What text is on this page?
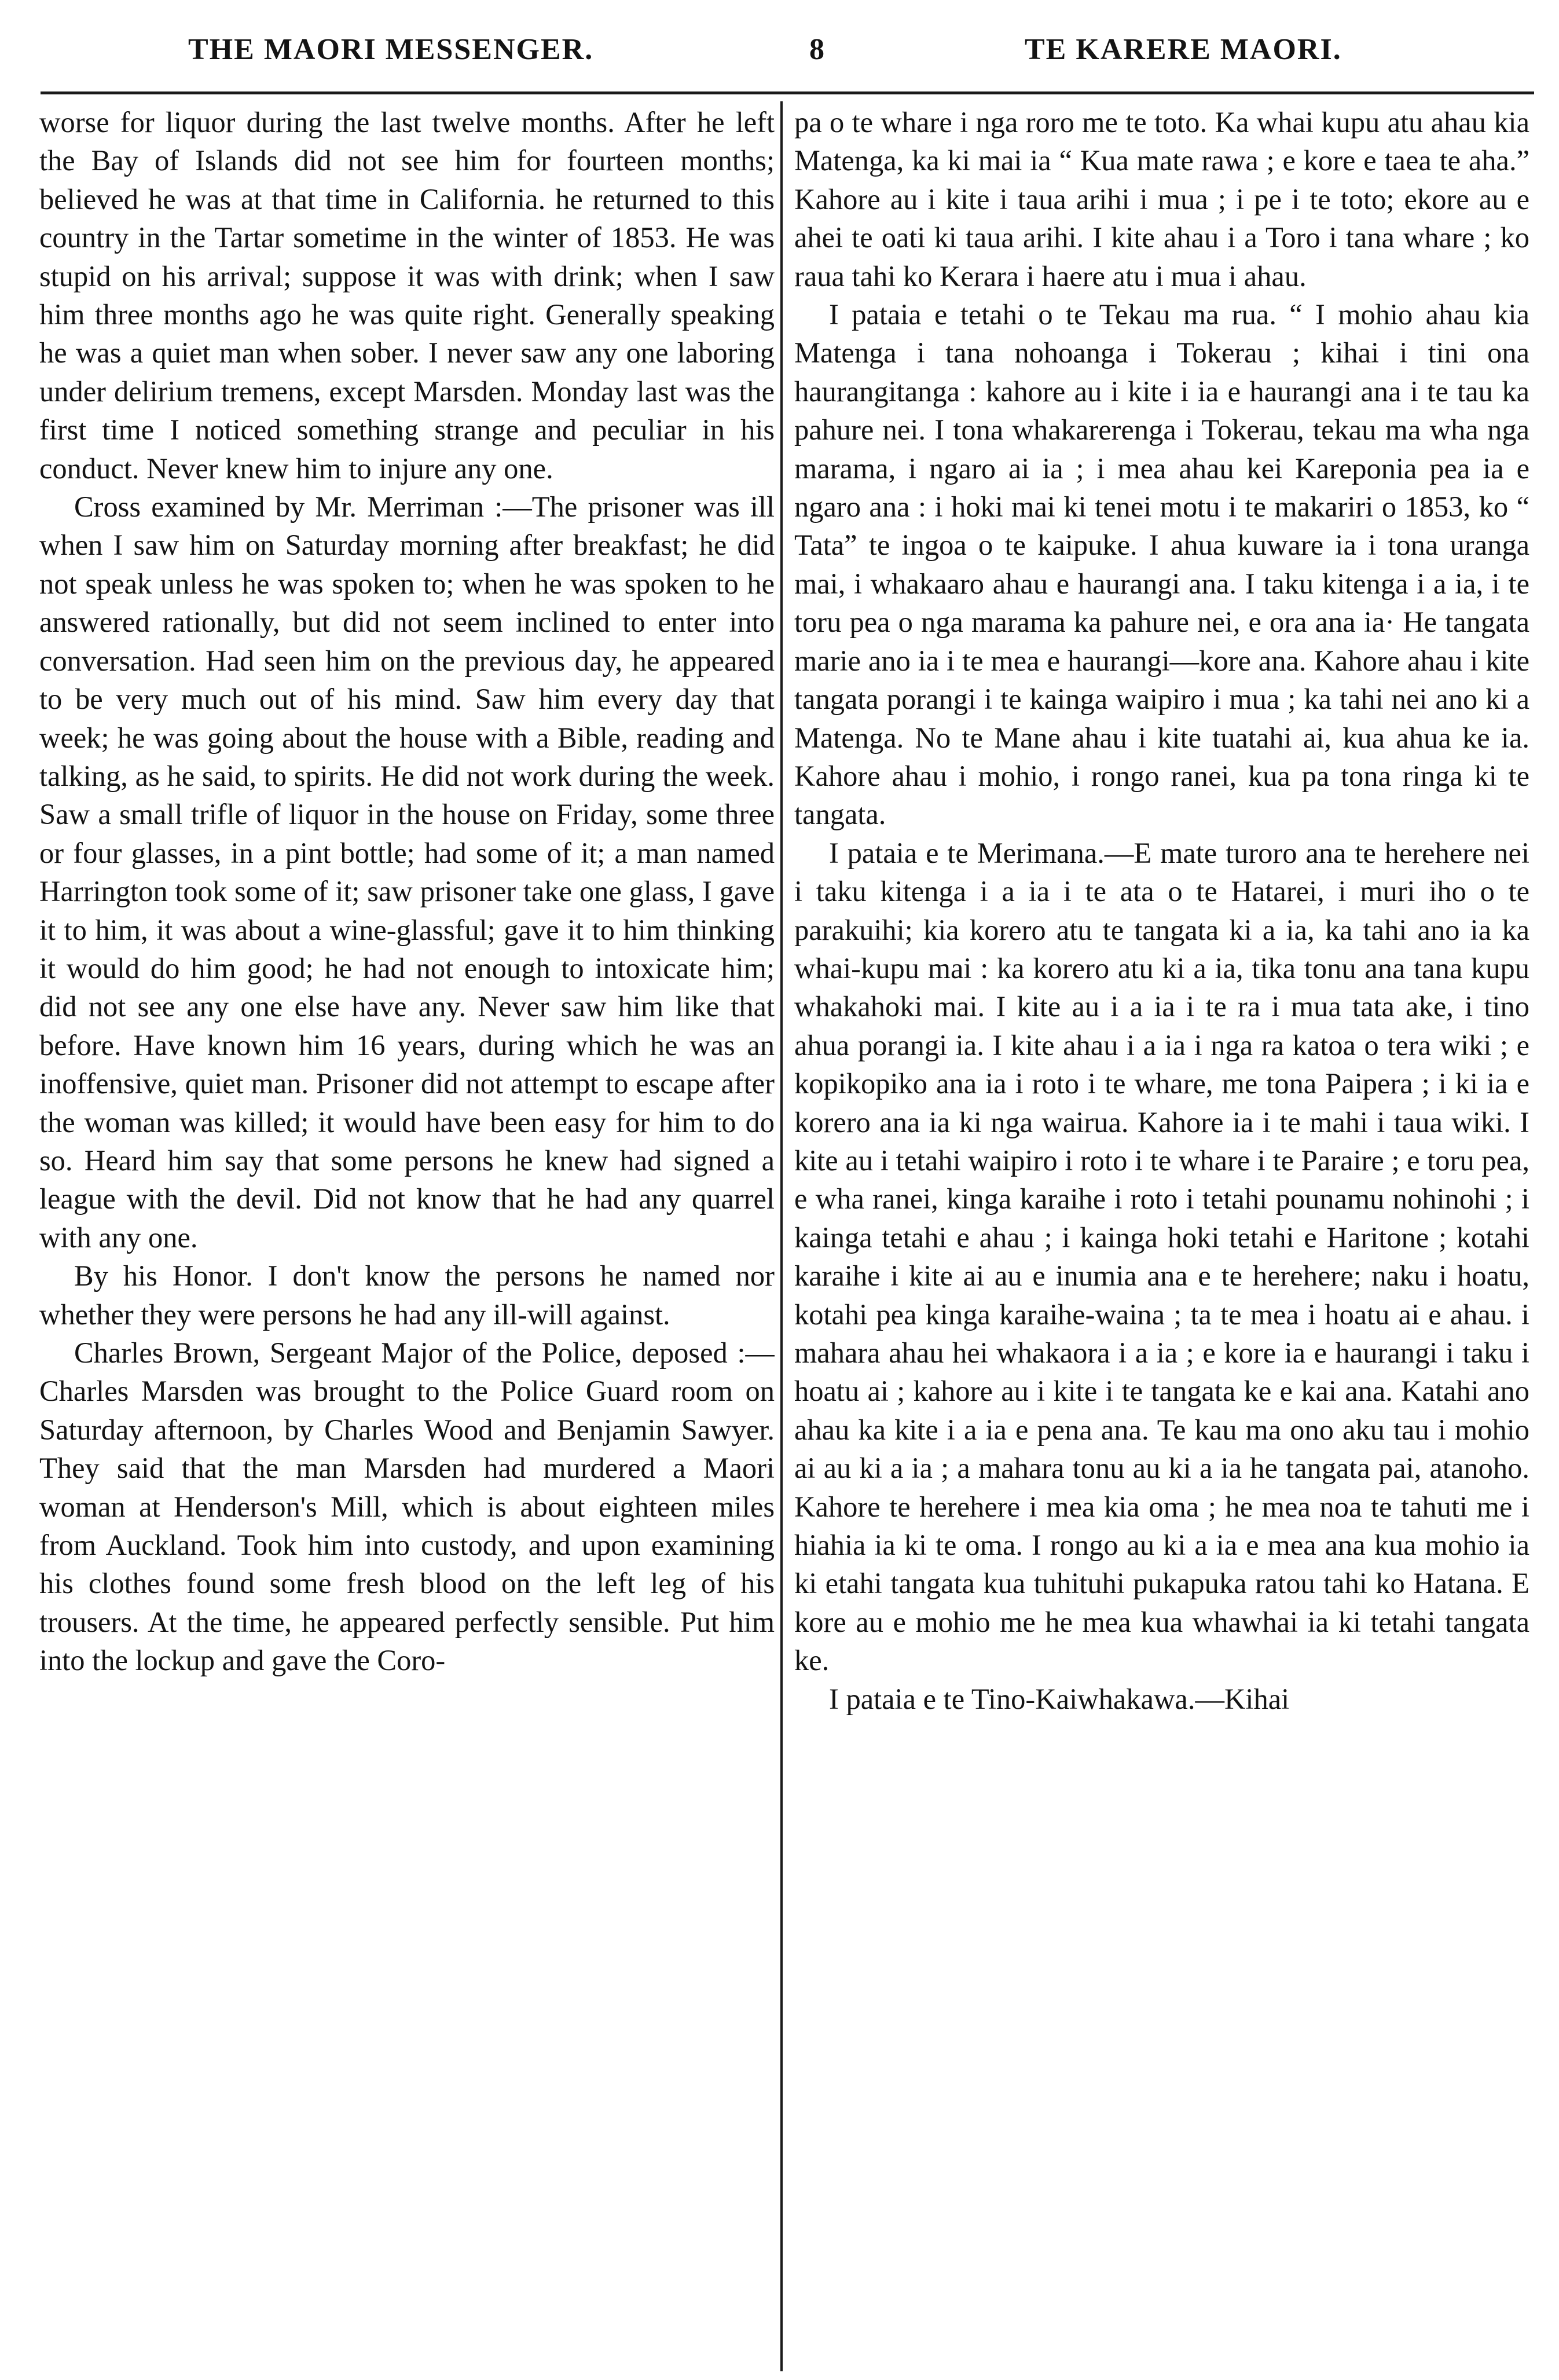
THE MAORI MESSENGER.	8	TE KARERE MAORI.

worse for liquor during the last twelve months. After he left the Bay of Islands did not see him for fourteen months; believed he was at that time in California. he returned to this country in the Tartar sometime in the winter of 1853. He was stupid on his arrival; suppose it was with drink; when I saw him three months ago he was quite right. Generally speaking he was a quiet man when sober. I never saw any one laboring under delirium tremens, except Marsden. Monday last was the first time I noticed something strange and peculiar in his conduct. Never knew him to injure any one.

Cross examined by Mr. Merriman :—The prisoner was ill when I saw him on Saturday morning after breakfast; he did not speak unless he was spoken to; when he was spoken to he answered rationally, but did not seem inclined to enter into conversation. Had seen him on the previous day, he appeared to be very much out of his mind. Saw him every day that week; he was going about the house with a Bible, reading and talking, as he said, to spirits. He did not work during the week. Saw a small trifle of liquor in the house on Friday, some three or four glasses, in a pint bottle; had some of it; a man named Harrington took some of it; saw prisoner take one glass, I gave it to him, it was about a wine-glassful; gave it to him thinking it would do him good; he had not enough to intoxicate him; did not see any one else have any. Never saw him like that before. Have known him 16 years, during which he was an inoffensive, quiet man. Prisoner did not attempt to escape after the woman was killed; it would have been easy for him to do so. Heard him say that some persons he knew had signed a league with the devil. Did not know that he had any quarrel with any one.

By his Honor. I don't know the persons he named nor whether they were persons he had any ill-will against.

Charles Brown, Sergeant Major of the Police, deposed :—Charles Marsden was brought to the Police Guard room on Saturday afternoon, by Charles Wood and Benjamin Sawyer. They said that the man Marsden had murdered a Maori woman at Henderson's Mill, which is about eighteen miles from Auckland. Took him into custody, and upon examining his clothes found some fresh blood on the left leg of his trousers. At the time, he appeared perfectly sensible. Put him into the lockup and gave the Coro-

pa o te whare i nga roro me te toto. Ka whai kupu atu ahau kia Matenga, ka ki mai ia “ Kua mate rawa ; e kore e taea te aha.” Kahore au i kite i taua arihi i mua ; i pe i te toto; ekore au e ahei te oati ki taua arihi. I kite ahau i a Toro i tana whare ; ko raua tahi ko Kerara i haere atu i mua i ahau.

I pataia e tetahi o te Tekau ma rua. “ I mohio ahau kia Matenga i tana nohoanga i Tokerau ; kihai i tini ona haurangitanga : kahore au i kite i ia e haurangi ana i te tau ka pahure nei. I tona whakarerenga i Tokerau, tekau ma wha nga marama, i ngaro ai ia ; i mea ahau kei Kareponia pea ia e ngaro ana : i hoki mai ki tenei motu i te makariri o 1853, ko “ Tata” te ingoa o te kaipuke. I ahua kuware ia i tona uranga mai, i whakaaro ahau e haurangi ana. I taku kitenga i a ia, i te toru pea o nga marama ka pahure nei, e ora ana ia· He tangata marie ano ia i te mea e haurangi—kore ana. Kahore ahau i kite tangata porangi i te kainga waipiro i mua ; ka tahi nei ano ki a Matenga. No te Mane ahau i kite tuatahi ai, kua ahua ke ia. Kahore ahau i mohio, i rongo ranei, kua pa tona ringa ki te tangata.

I pataia e te Merimana.—E mate turoro ana te herehere nei i taku kitenga i a ia i te ata o te Hatarei, i muri iho o te parakuihi; kia korero atu te tangata ki a ia, ka tahi ano ia ka whai-kupu mai : ka korero atu ki a ia, tika tonu ana tana kupu whakahoki mai. I kite au i a ia i te ra i mua tata ake, i tino ahua porangi ia. I kite ahau i a ia i nga ra katoa o tera wiki ; e kopikopiko ana ia i roto i te whare, me tona Paipera ; i ki ia e korero ana ia ki nga wairua. Kahore ia i te mahi i taua wiki. I kite au i tetahi waipiro i roto i te whare i te Paraire ; e toru pea, e wha ranei, kinga karaihe i roto i tetahi pounamu nohinohi ; i kainga tetahi e ahau ; i kainga hoki tetahi e Haritone ; kotahi karaihe i kite ai au e inumia ana e te herehere; naku i hoatu, kotahi pea kinga karaihe-waina ; ta te mea i hoatu ai e ahau. i mahara ahau hei whakaora i a ia ; e kore ia e haurangi i taku i hoatu ai ; kahore au i kite i te tangata ke e kai ana. Katahi ano ahau ka kite i a ia e pena ana. Te kau ma ono aku tau i mohio ai au ki a ia ; a mahara tonu au ki a ia he tangata pai, atanoho. Kahore te herehere i mea kia oma ; he mea noa te tahuti me i hiahia ia ki te oma. I rongo au ki a ia e mea ana kua mohio ia ki etahi tangata kua tuhituhi pukapuka ratou tahi ko Hatana. E kore au e mohio me he mea kua whawhai ia ki tetahi tangata ke.

I pataia e te Tino-Kaiwhakawa.—Kihai
